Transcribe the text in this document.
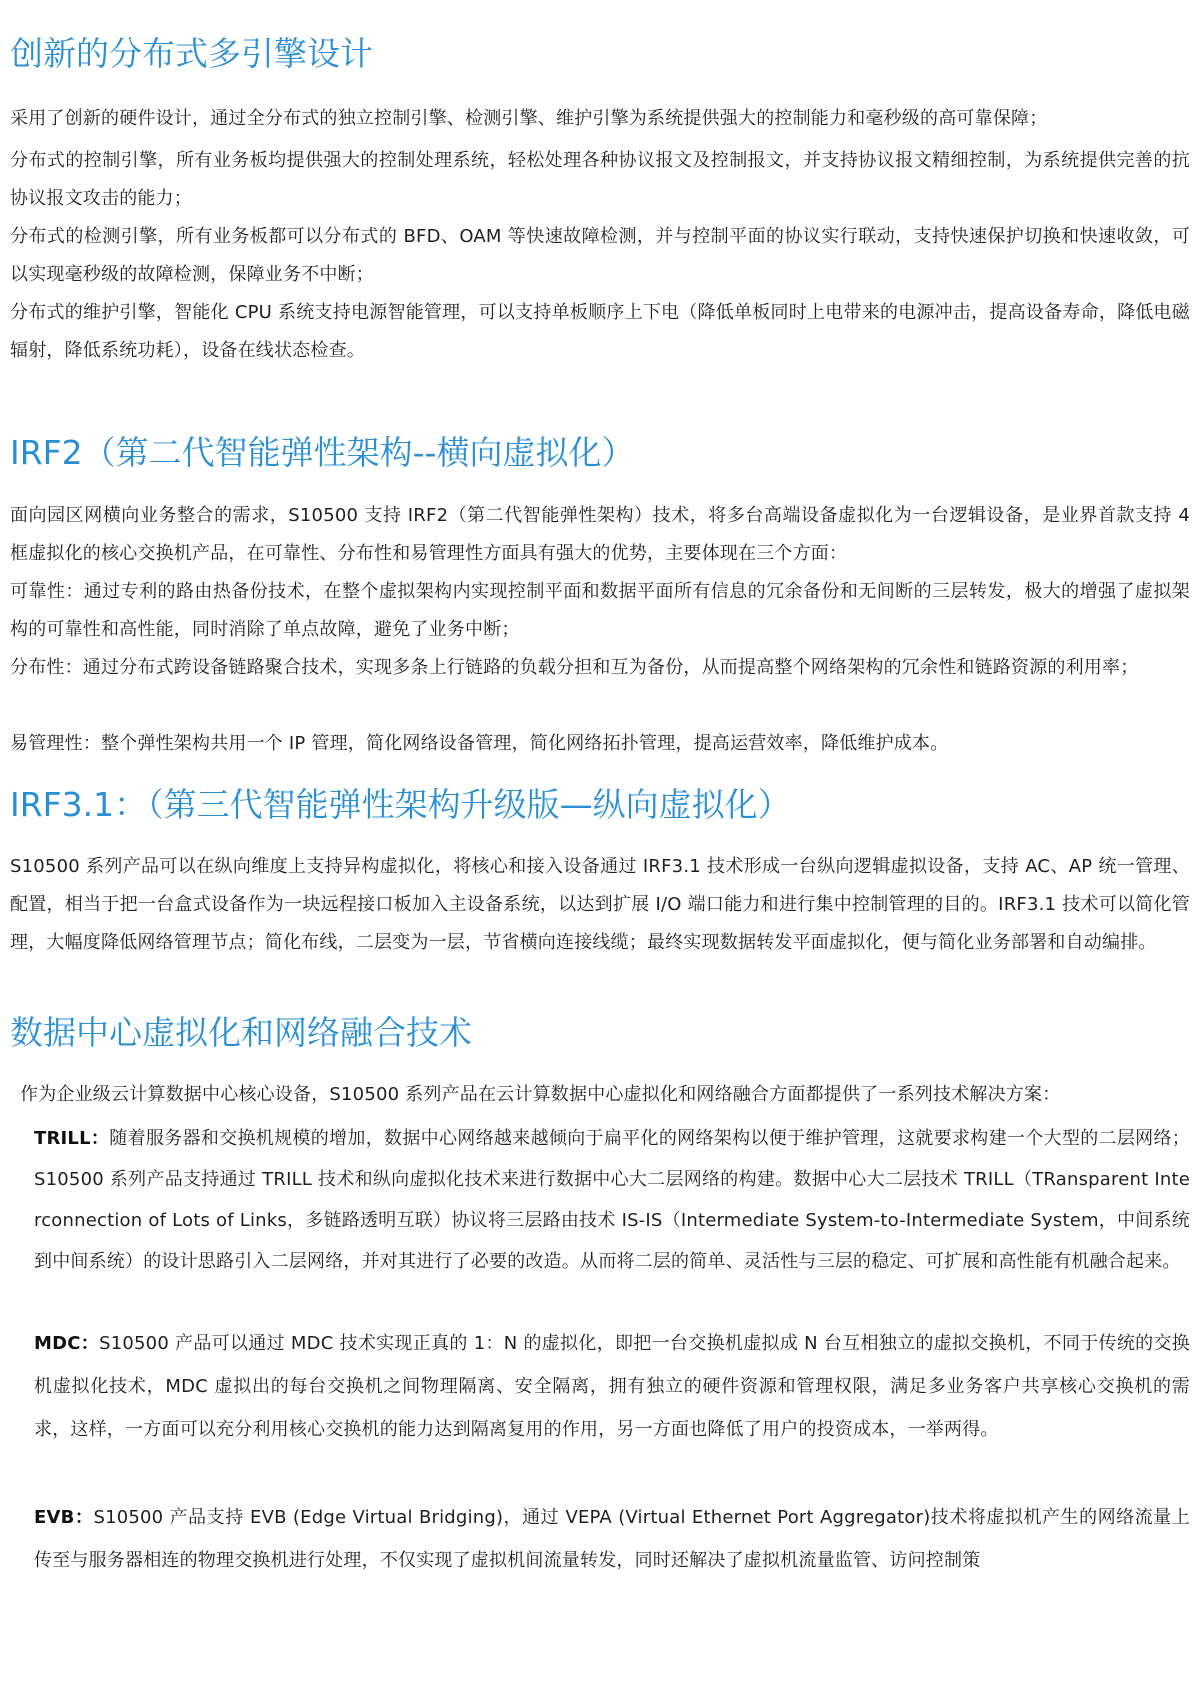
创新的分布式多引擎设计

采用了创新的硬件设计，通过全分布式的独立控制引擎、检测引擎、维护引擎为系统提供强大的控制能力和毫秒级的高可靠保障；

分布式的控制引擎，所有业务板均提供强大的控制处理系统，轻松处理各种协议报文及控制报文，并支持协议报文精细控制，为系统提供完善的抗协议报文攻击的能力；

分布式的检测引擎，所有业务板都可以分布式的 BFD、OAM 等快速故障检测，并与控制平面的协议实行联动，支持快速保护切换和快速收敛，可以实现毫秒级的故障检测，保障业务不中断；

分布式的维护引擎，智能化 CPU 系统支持电源智能管理，可以支持单板顺序上下电（降低单板同时上电带来的电源冲击，提高设备寿命，降低电磁辐射，降低系统功耗），设备在线状态检查。

IRF2（第二代智能弹性架构--横向虚拟化）

面向园区网横向业务整合的需求，S10500 支持 IRF2（第二代智能弹性架构）技术，将多台高端设备虚拟化为一台逻辑设备，是业界首款支持 4 框虚拟化的核心交换机产品，在可靠性、分布性和易管理性方面具有强大的优势，主要体现在三个方面：

可靠性：通过专利的路由热备份技术，在整个虚拟架构内实现控制平面和数据平面所有信息的冗余备份和无间断的三层转发，极大的增强了虚拟架构的可靠性和高性能，同时消除了单点故障，避免了业务中断；

分布性：通过分布式跨设备链路聚合技术，实现多条上行链路的负载分担和互为备份，从而提高整个网络架构的冗余性和链路资源的利用率；

易管理性：整个弹性架构共用一个 IP 管理，简化网络设备管理，简化网络拓扑管理，提高运营效率，降低维护成本。

IRF3.1：（第三代智能弹性架构升级版—纵向虚拟化）

S10500 系列产品可以在纵向维度上支持异构虚拟化，将核心和接入设备通过 IRF3.1 技术形成一台纵向逻辑虚拟设备，支持 AC、AP 统一管理、配置，相当于把一台盒式设备作为一块远程接口板加入主设备系统，以达到扩展 I/O 端口能力和进行集中控制管理的目的。IRF3.1 技术可以简化管理，大幅度降低网络管理节点；简化布线，二层变为一层，节省横向连接线缆；最终实现数据转发平面虚拟化，便与简化业务部署和自动编排。

数据中心虚拟化和网络融合技术

作为企业级云计算数据中心核心设备，S10500 系列产品在云计算数据中心虚拟化和网络融合方面都提供了一系列技术解决方案：

TRILL：随着服务器和交换机规模的增加，数据中心网络越来越倾向于扁平化的网络架构以便于维护管理，这就要求构建一个大型的二层网络；S10500 系列产品支持通过 TRILL 技术和纵向虚拟化技术来进行数据中心大二层网络的构建。数据中心大二层技术 TRILL（TRansparent Interconnection of Lots of Links，多链路透明互联）协议将三层路由技术 IS-IS（Intermediate System-to-Intermediate System，中间系统到中间系统）的设计思路引入二层网络，并对其进行了必要的改造。从而将二层的简单、灵活性与三层的稳定、可扩展和高性能有机融合起来。

MDC：S10500 产品可以通过 MDC 技术实现正真的 1：N 的虚拟化，即把一台交换机虚拟成 N 台互相独立的虚拟交换机，不同于传统的交换机虚拟化技术，MDC 虚拟出的每台交换机之间物理隔离、安全隔离，拥有独立的硬件资源和管理权限，满足多业务客户共享核心交换机的需求，这样，一方面可以充分利用核心交换机的能力达到隔离复用的作用，另一方面也降低了用户的投资成本，一举两得。

EVB：S10500 产品支持 EVB (Edge Virtual Bridging)，通过 VEPA (Virtual Ethernet Port Aggregator)技术将虚拟机产生的网络流量上传至与服务器相连的物理交换机进行处理，不仅实现了虚拟机间流量转发，同时还解决了虚拟机流量监管、访问控制策
